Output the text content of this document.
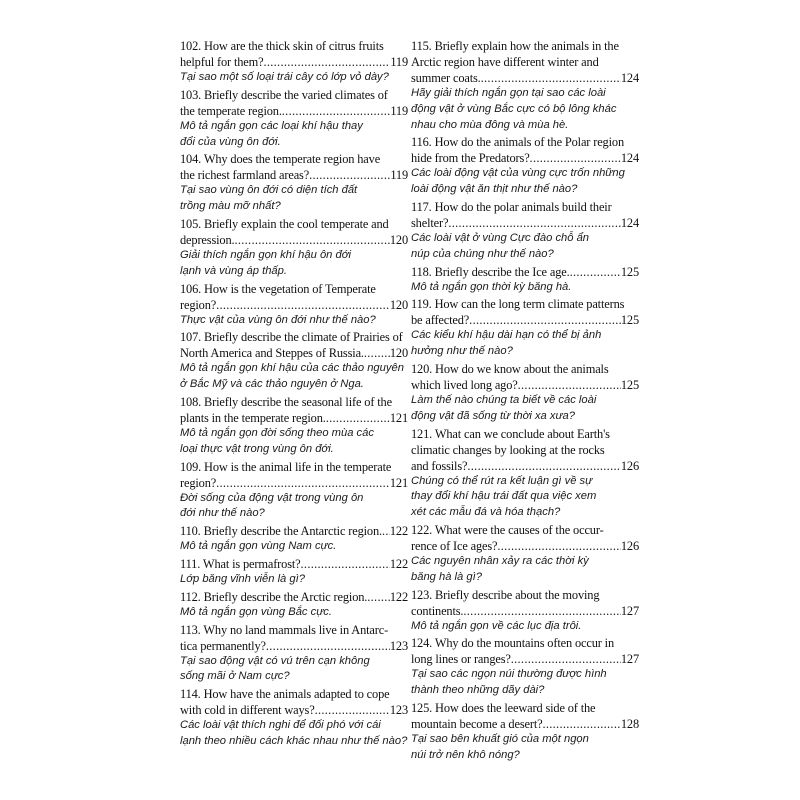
102. How are the thick skin of citrus fruits
helpful for them? .....	119
Tại sao một số loại trái cây có lớp vỏ dày?
103. Briefly describe the varied climates of
the temperate region. .....	119
Mô tả ngắn gọn các loại khí hậu thay
đổi của vùng ôn đới.
104. Why does the temperate region have
the richest farmland areas? .....	119
Tại sao vùng ôn đới có diện tích đất
trồng màu mỡ nhất?
105. Briefly explain the cool temperate and
depression. .....	120
Giải thích ngắn gọn khí hậu ôn đới
lạnh và vùng áp thấp.
106. How is the vegetation of Temperate
region? .....	120
Thực vật của vùng ôn đới như thế nào?
107. Briefly describe the climate of Prairies of
North America and Steppes of Russia. ..... 120
Mô tả ngắn gọn khí hậu của các thảo nguyên
ở Bắc Mỹ và các thảo nguyên ở Nga.
108. Briefly describe the seasonal life of the
plants in the temperate region. .....	121
Mô tả ngắn gọn đời sống theo mùa các
loại thực vật trong vùng ôn đới.
109. How is the animal life in the temperate
region? .....	121
Đời sống của động vật trong vùng ôn
đới như thế nào?
110. Briefly describe the Antarctic region. ..... 122
Mô tả ngắn gọn vùng Nam cực.
111. What is permafrost? .....	122
Lớp băng vĩnh viễn là gì?
112. Briefly describe the Arctic region. ..... 122
Mô tả ngắn gọn vùng Bắc cực.
113. Why no land mammals live in Antarc-
tica permanently? .....	123
Tại sao động vật có vú trên cạn không
sống mãi ở Nam cực?
114. How have the animals adapted to cope
with cold in different ways? .....	123
Các loài vật thích nghi để đối phó với cái
lạnh theo nhiều cách khác nhau như thế nào?
115. Briefly explain how the animals in the
Arctic region have different winter and
summer coats. .....	124
Hãy giải thích ngắn gọn tại sao các loài
động vật ở vùng Bắc cực có bộ lông khác
nhau cho mùa đông và mùa hè.
116. How do the animals of the Polar region
hide from the Predators? .....	124
Các loài động vật của vùng cực trốn những
loài động vật ăn thịt như thế nào?
117. How do the polar animals build their
shelter? .....	124
Các loài vật ở vùng Cực đào chỗ ẩn
núp của chúng như thế nào?
118. Briefly describe the Ice age. .....	125
Mô tả ngắn gọn thời kỳ băng hà.
119. How can the long term climate patterns
be affected? .....	125
Các kiểu khí hậu dài hạn có thể bị ảnh
hưởng như thế nào?
120. How do we know about the animals
which lived long ago? .....	125
Làm thế nào chúng ta biết về các loài
động vật đã sống từ thời xa xưa?
121. What can we conclude about Earth's
climatic changes by looking at the rocks
and fossils? .....	126
Chúng có thể rút ra kết luận gì về sự
thay đổi khí hậu trái đất qua việc xem
xét các mẫu đá và hóa thạch?
122. What were the causes of the occur-
rence of Ice ages? .....	126
Các nguyên nhân xảy ra các thời kỳ
băng hà là gì?
123. Briefly describe about the moving
continents. .....	127
Mô tả ngắn gọn về các lục địa trôi.
124. Why do the mountains often occur in
long lines or ranges? .....	127
Tại sao các ngọn núi thường được hình
thành theo những dãy dài?
125. How does the leeward side of the
mountain become a desert? .....	128
Tại sao bên khuất gió của một ngọn
núi trở nên khô nóng?
